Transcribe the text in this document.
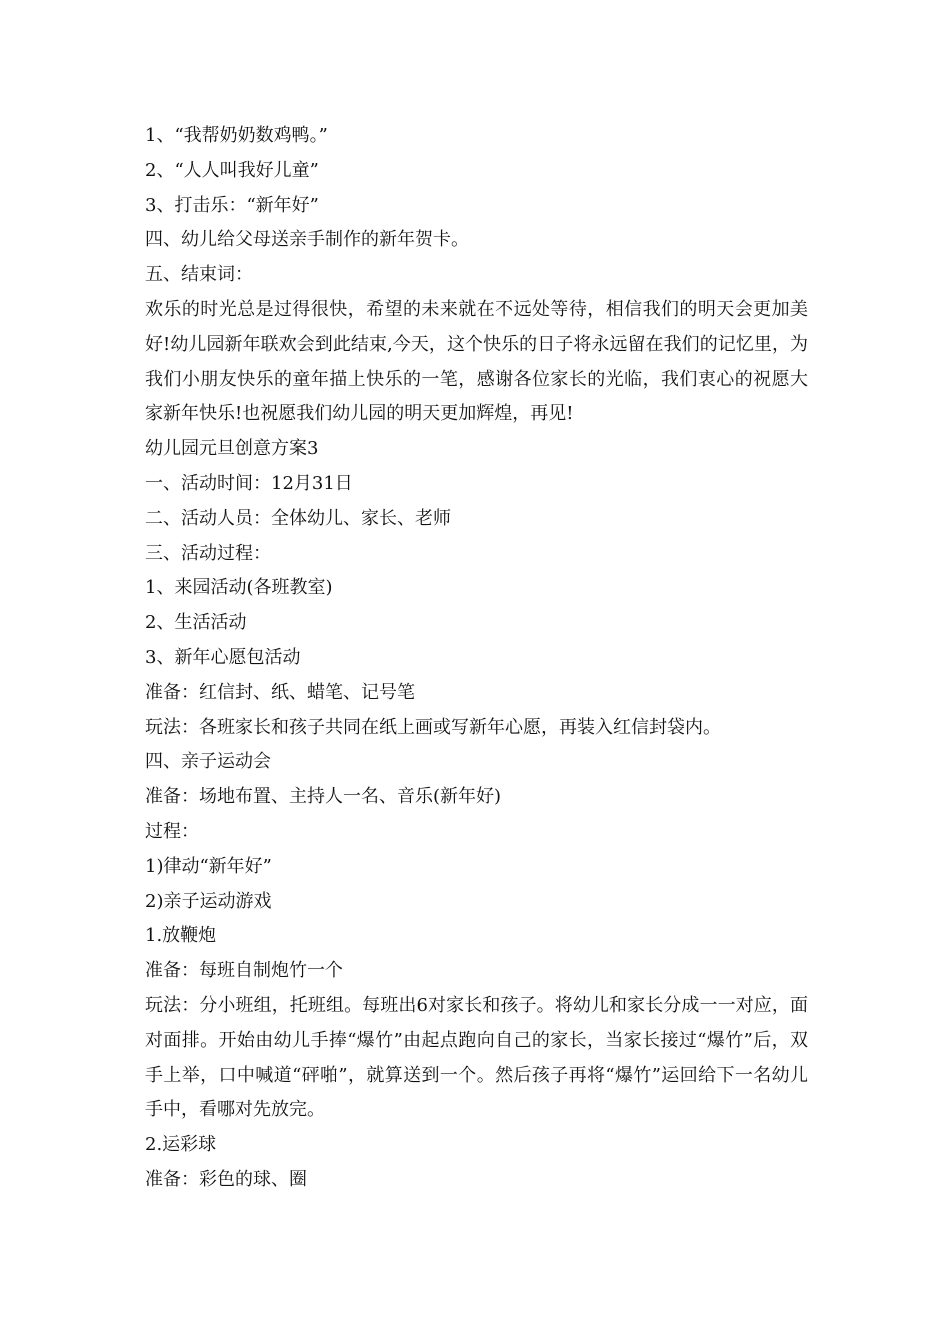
1、“我帮奶奶数鸡鸭。”
2、“人人叫我好儿童”
3、打击乐：“新年好”
四、幼儿给父母送亲手制作的新年贺卡。
五、结束词：
欢乐的时光总是过得很快，希望的未来就在不远处等待，相信我们的明天会更加美好!幼儿园新年联欢会到此结束,今天，这个快乐的日子将永远留在我们的记忆里，为我们小朋友快乐的童年描上快乐的一笔，感谢各位家长的光临，我们衷心的祝愿大家新年快乐!也祝愿我们幼儿园的明天更加辉煌，再见!
幼儿园元旦创意方案3
一、活动时间：12月31日
二、活动人员：全体幼儿、家长、老师
三、活动过程：
1、来园活动(各班教室)
2、生活活动
3、新年心愿包活动
准备：红信封、纸、蜡笔、记号笔
玩法：各班家长和孩子共同在纸上画或写新年心愿，再装入红信封袋内。
四、亲子运动会
准备：场地布置、主持人一名、音乐(新年好)
过程：
1)律动“新年好”
2)亲子运动游戏
1.放鞭炮
准备：每班自制炮竹一个
玩法：分小班组，托班组。每班出6对家长和孩子。将幼儿和家长分成一一对应，面对面排。开始由幼儿手捧“爆竹”由起点跑向自己的家长，当家长接过“爆竹”后，双手上举，口中喊道“砰啪”，就算送到一个。然后孩子再将“爆竹”运回给下一名幼儿手中，看哪对先放完。
2.运彩球
准备：彩色的球、圈
